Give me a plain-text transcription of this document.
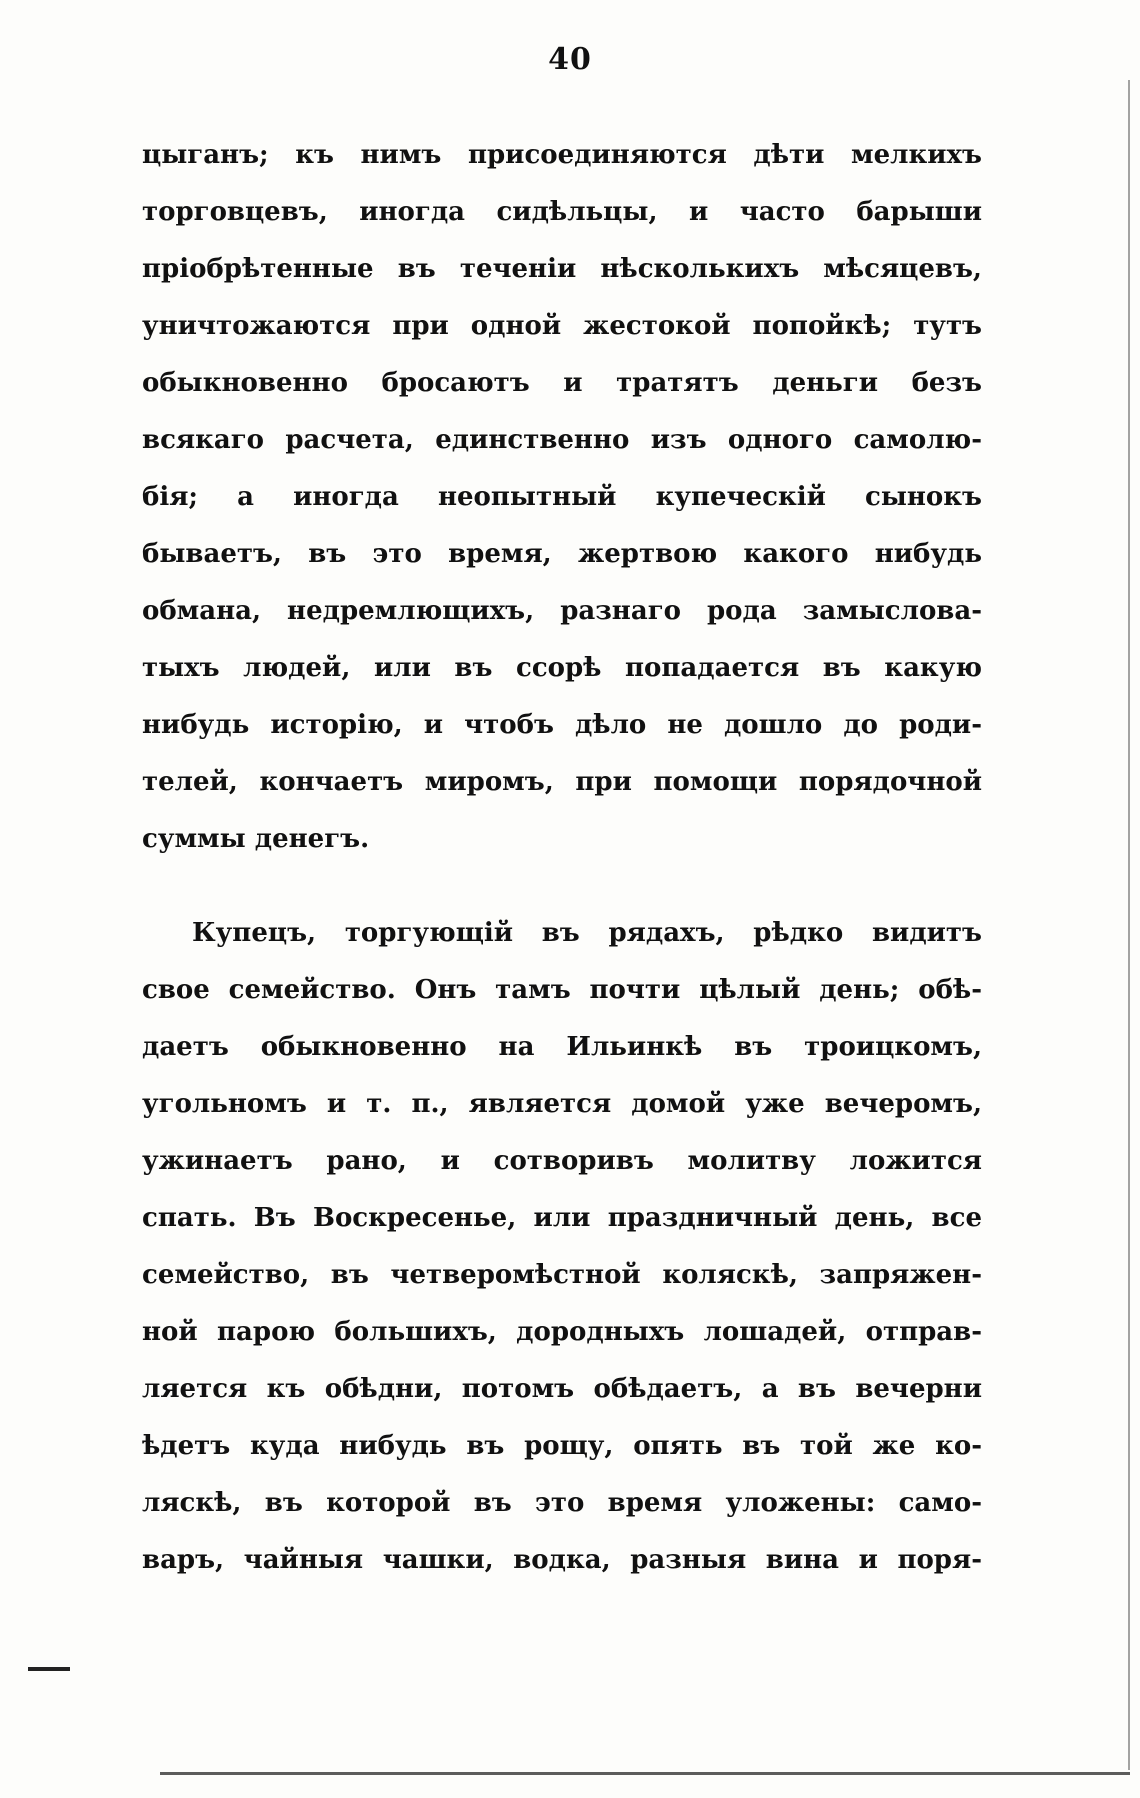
40
цыганъ; къ нимъ присоединяются дѣти мелкихъ
торговцевъ, иногда сидѣльцы, и часто барыши
пріобрѣтенные въ теченіи нѣсколькихъ мѣсяцевъ,
уничтожаются при одной жестокой попойкѣ; тутъ
обыкновенно бросаютъ и тратятъ деньги безъ
всякаго расчета, единственно изъ одного самолю-
бія; а иногда неопытный купеческій сынокъ
бываетъ, въ это время, жертвою какого нибудь
обмана, недремлющихъ, разнаго рода замысловa-
тыхъ людей, или въ ссорѣ попадается въ какую
нибудь исторію, и чтобъ дѣло не дошло до роди-
телей, кончаетъ миромъ, при помощи порядочной
суммы денегъ.
Купецъ, торгующій въ рядахъ, рѣдко видитъ
свое семейство. Онъ тамъ почти цѣлый день; обѣ-
даетъ обыкновенно на Ильинкѣ въ троицкомъ,
угольномъ и т. п., является домой уже вечеромъ,
ужинаетъ рано, и сотворивъ молитву ложится
спать. Въ Воскресенье, или праздничный день, все
семейство, въ четверомѣстной коляскѣ, запряжен-
ной парою большихъ, дородныхъ лошадей, отправ-
ляется къ обѣдни, потомъ обѣдаетъ, а въ вечерни
ѣдетъ куда нибудь въ рощу, опять въ той же ко-
ляскѣ, въ которой въ это время уложены: само-
варъ, чайныя чашки, водка, разныя вина и поря-
